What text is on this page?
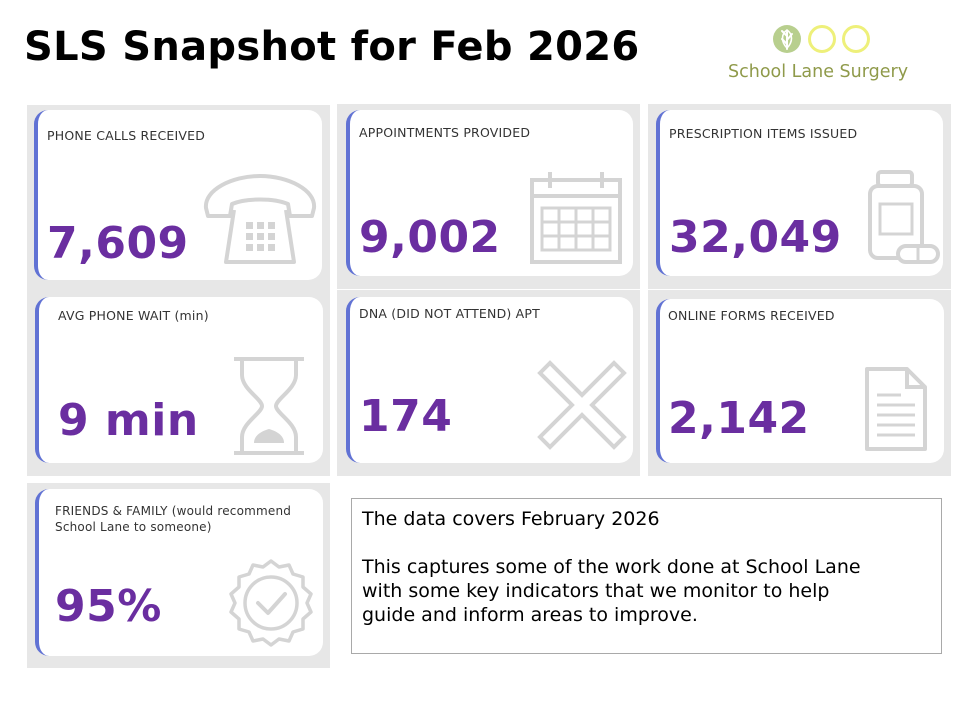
SLS Snapshot for Feb 2026
School Lane Surgery
PHONE CALLS RECEIVED
7,609
APPOINTMENTS PROVIDED
9,002
PRESCRIPTION ITEMS ISSUED
32,049
AVG PHONE WAIT (min)
9 min
DNA (DID NOT ATTEND) APT
174
ONLINE FORMS RECEIVED
2,142
FRIENDS & FAMILY (would recommend
School Lane to someone)
95%

The data covers February 2026

This captures some of the work done at School Lane

with some key indicators that we monitor to help

guide and inform areas to improve.
